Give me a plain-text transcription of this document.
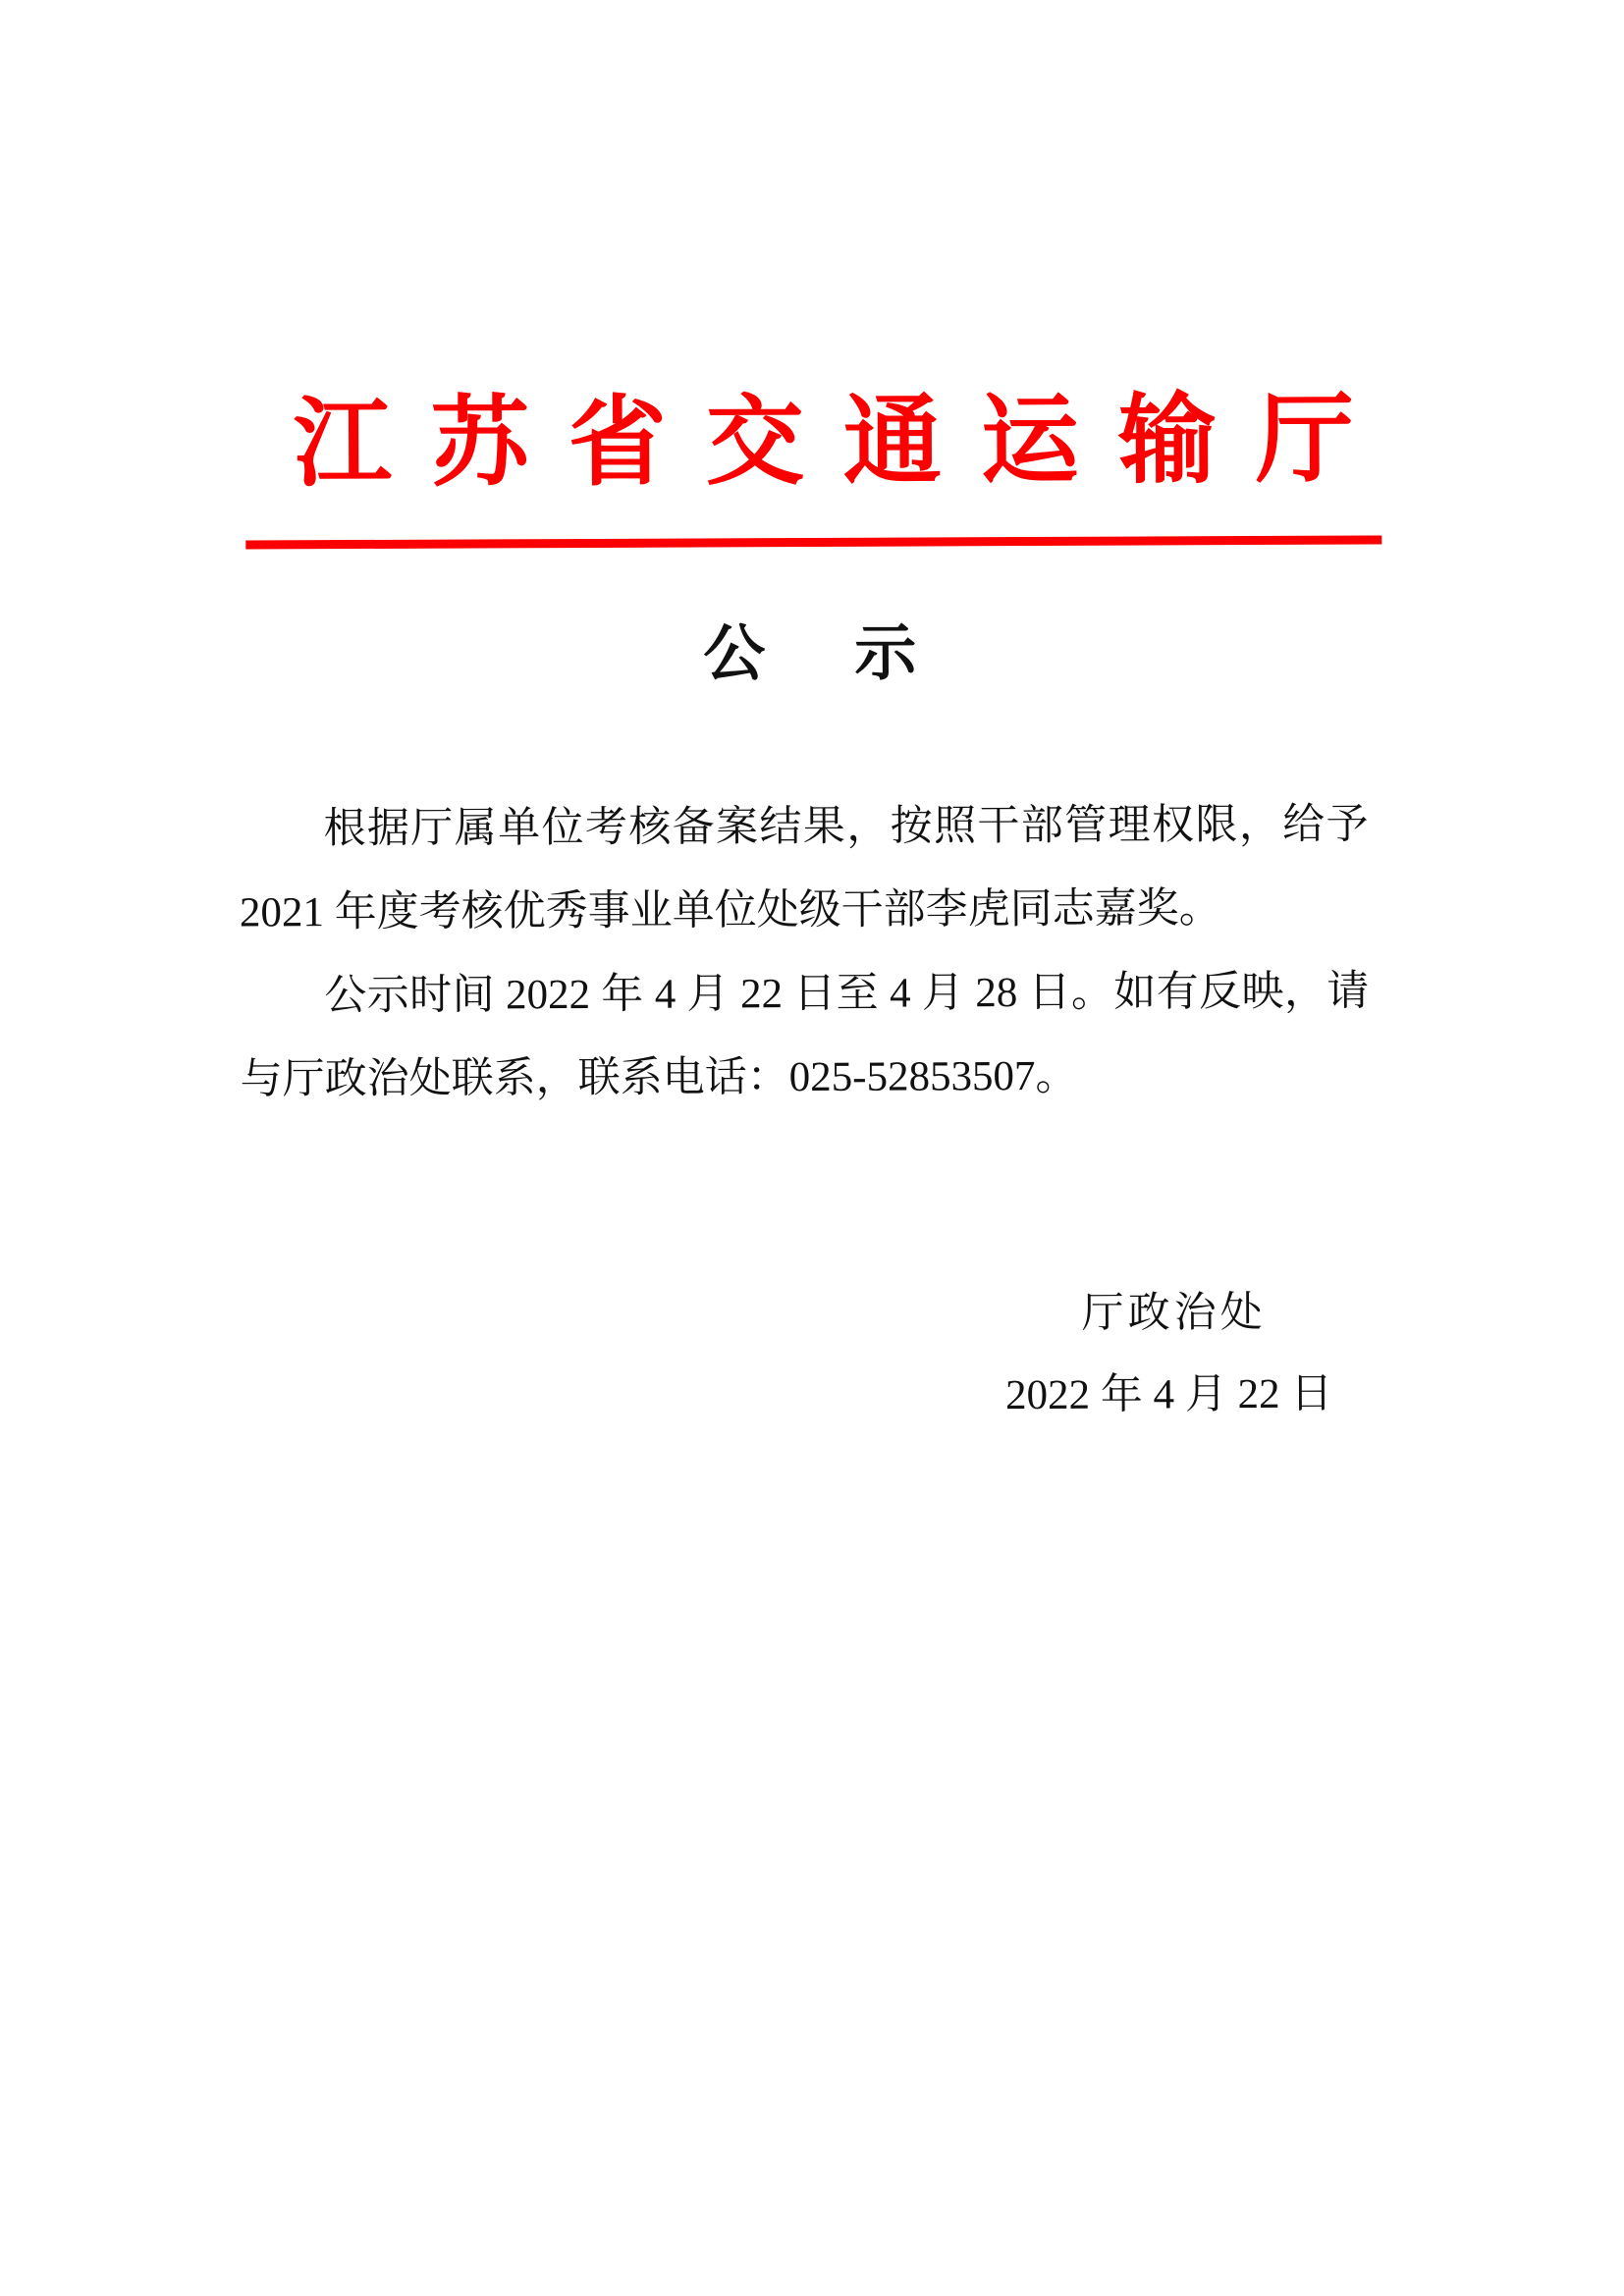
江苏省交通运输厅
公　示
根据厅属单位考核备案结果，按照干部管理权限，给予
2021 年度考核优秀事业单位处级干部李虎同志嘉奖。
公示时间 2022 年 4 月 22 日至 4 月 28 日。如有反映，请
与厅政治处联系，联系电话：025-52853507。
厅政治处
2022 年 4 月 22 日
